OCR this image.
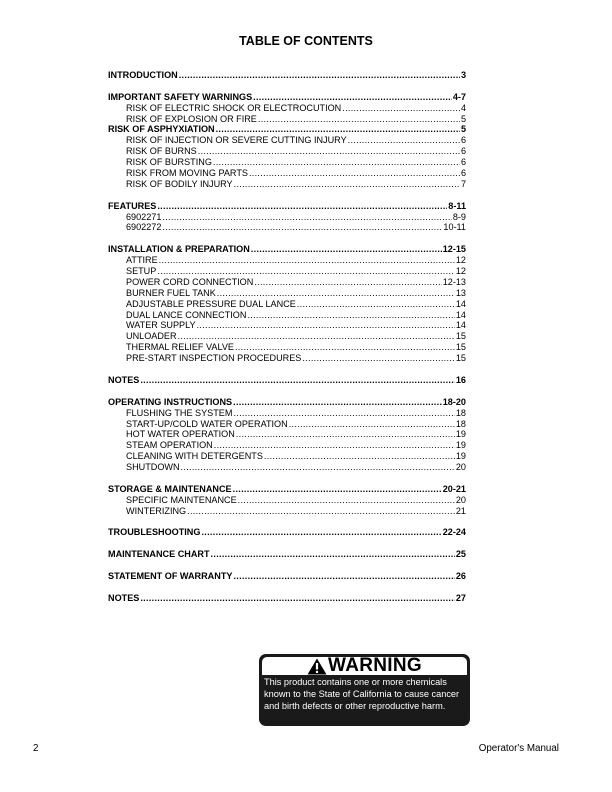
TABLE OF CONTENTS
INTRODUCTION .....	3
IMPORTANT SAFETY WARNINGS .....	4-7
RISK OF ELECTRIC SHOCK OR ELECTROCUTION .....	4
RISK OF EXPLOSION OR FIRE .....	5
RISK OF ASPHYXIATION .....	5
RISK OF INJECTION OR SEVERE CUTTING INJURY .....	6
RISK OF BURNS .....	6
RISK OF BURSTING .....	6
RISK FROM MOVING PARTS .....	6
RISK OF BODILY INJURY .....	7
FEATURES .....	8-11
6902271 .....	8-9
6902272 .....	10-11
INSTALLATION & PREPARATION .....	12-15
ATTIRE .....	12
SETUP .....	12
POWER CORD CONNECTION .....	12-13
BURNER FUEL TANK .....	13
ADJUSTABLE PRESSURE DUAL LANCE .....	14
DUAL LANCE CONNECTION .....	14
WATER SUPPLY .....	14
UNLOADER .....	15
THERMAL RELIEF VALVE .....	15
PRE-START INSPECTION PROCEDURES .....	15
NOTES .....	16
OPERATING INSTRUCTIONS .....	18-20
FLUSHING THE SYSTEM .....	18
START-UP/COLD WATER OPERATION .....	18
HOT WATER OPERATION .....	19
STEAM OPERATION .....	19
CLEANING WITH DETERGENTS .....	19
SHUTDOWN .....	20
STORAGE & MAINTENANCE .....	20-21
SPECIFIC MAINTENANCE .....	20
WINTERIZING .....	21
TROUBLESHOOTING .....	22-24
MAINTENANCE CHART .....	25
STATEMENT OF WARRANTY .....	26
NOTES .....	27
WARNING
This product contains one or more chemicals known to the State of California to cause cancer and birth defects or other reproductive harm.
2	Operator's Manual
